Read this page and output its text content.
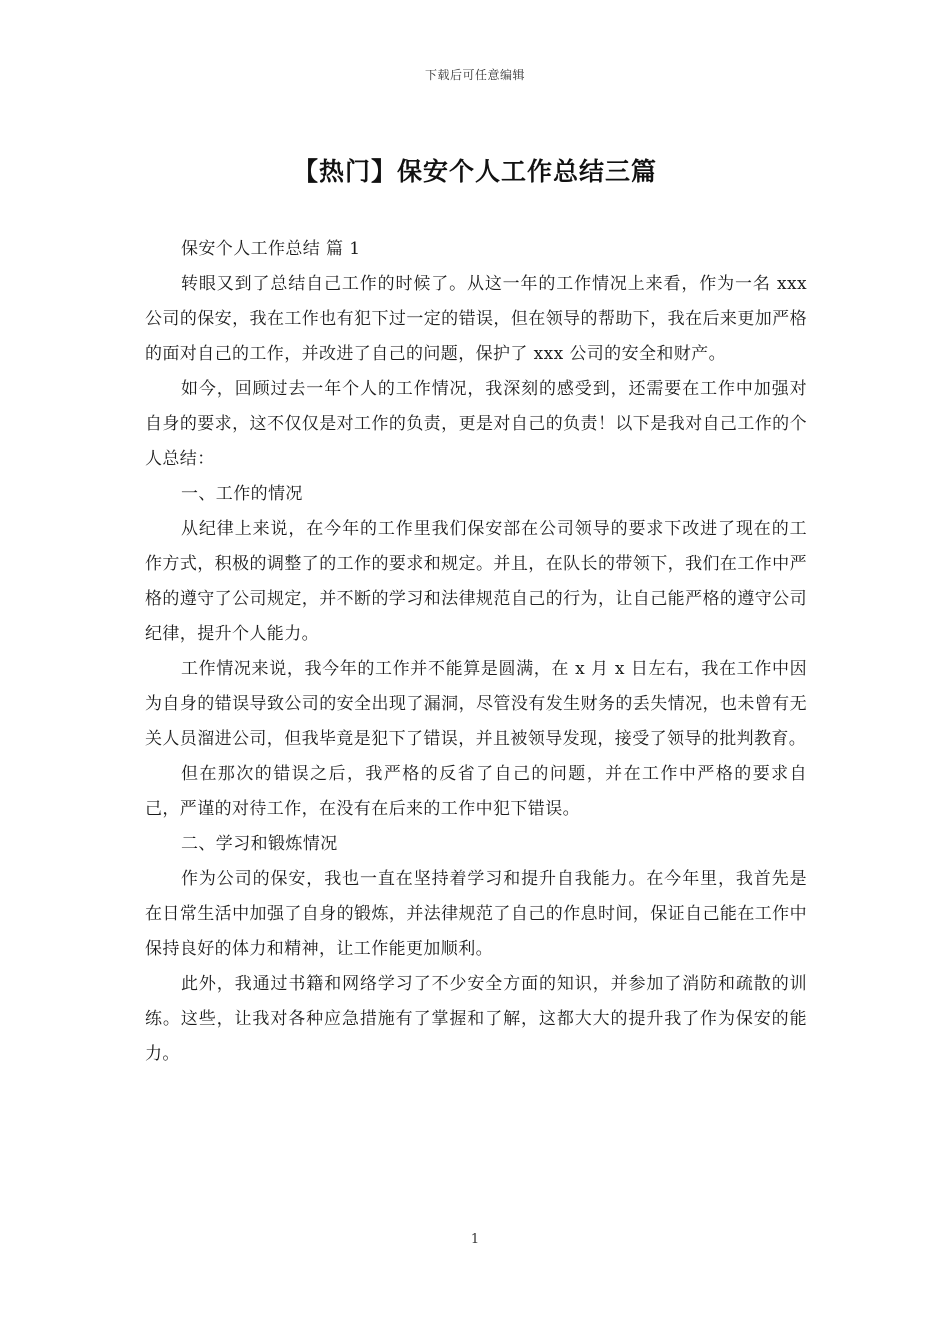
下载后可任意编辑
【热门】保安个人工作总结三篇

保安个人工作总结 篇 1

转眼又到了总结自己工作的时候了。从这一年的工作情况上来看，作为一名 xxx 公司的保安，我在工作也有犯下过一定的错误，但在领导的帮助下，我在后来更加严格的面对自己的工作，并改进了自己的问题，保护了 xxx 公司的安全和财产。

如今，回顾过去一年个人的工作情况，我深刻的感受到，还需要在工作中加强对自身的要求，这不仅仅是对工作的负责，更是对自己的负责！以下是我对自己工作的个人总结：

一、工作的情况

从纪律上来说，在今年的工作里我们保安部在公司领导的要求下改进了现在的工作方式，积极的调整了的工作的要求和规定。并且，在队长的带领下，我们在工作中严格的遵守了公司规定，并不断的学习和法律规范自己的行为，让自己能严格的遵守公司纪律，提升个人能力。

工作情况来说，我今年的工作并不能算是圆满，在 x 月 x 日左右，我在工作中因为自身的错误导致公司的安全出现了漏洞，尽管没有发生财务的丢失情况，也未曾有无关人员溜进公司，但我毕竟是犯下了错误，并且被领导发现，接受了领导的批判教育。

但在那次的错误之后，我严格的反省了自己的问题，并在工作中严格的要求自己，严谨的对待工作，在没有在后来的工作中犯下错误。

二、学习和锻炼情况

作为公司的保安，我也一直在坚持着学习和提升自我能力。在今年里，我首先是在日常生活中加强了自身的锻炼，并法律规范了自己的作息时间，保证自己能在工作中保持良好的体力和精神，让工作能更加顺利。

此外，我通过书籍和网络学习了不少安全方面的知识，并参加了消防和疏散的训练。这些，让我对各种应急措施有了掌握和了解，这都大大的提升我了作为保安的能力。

1
